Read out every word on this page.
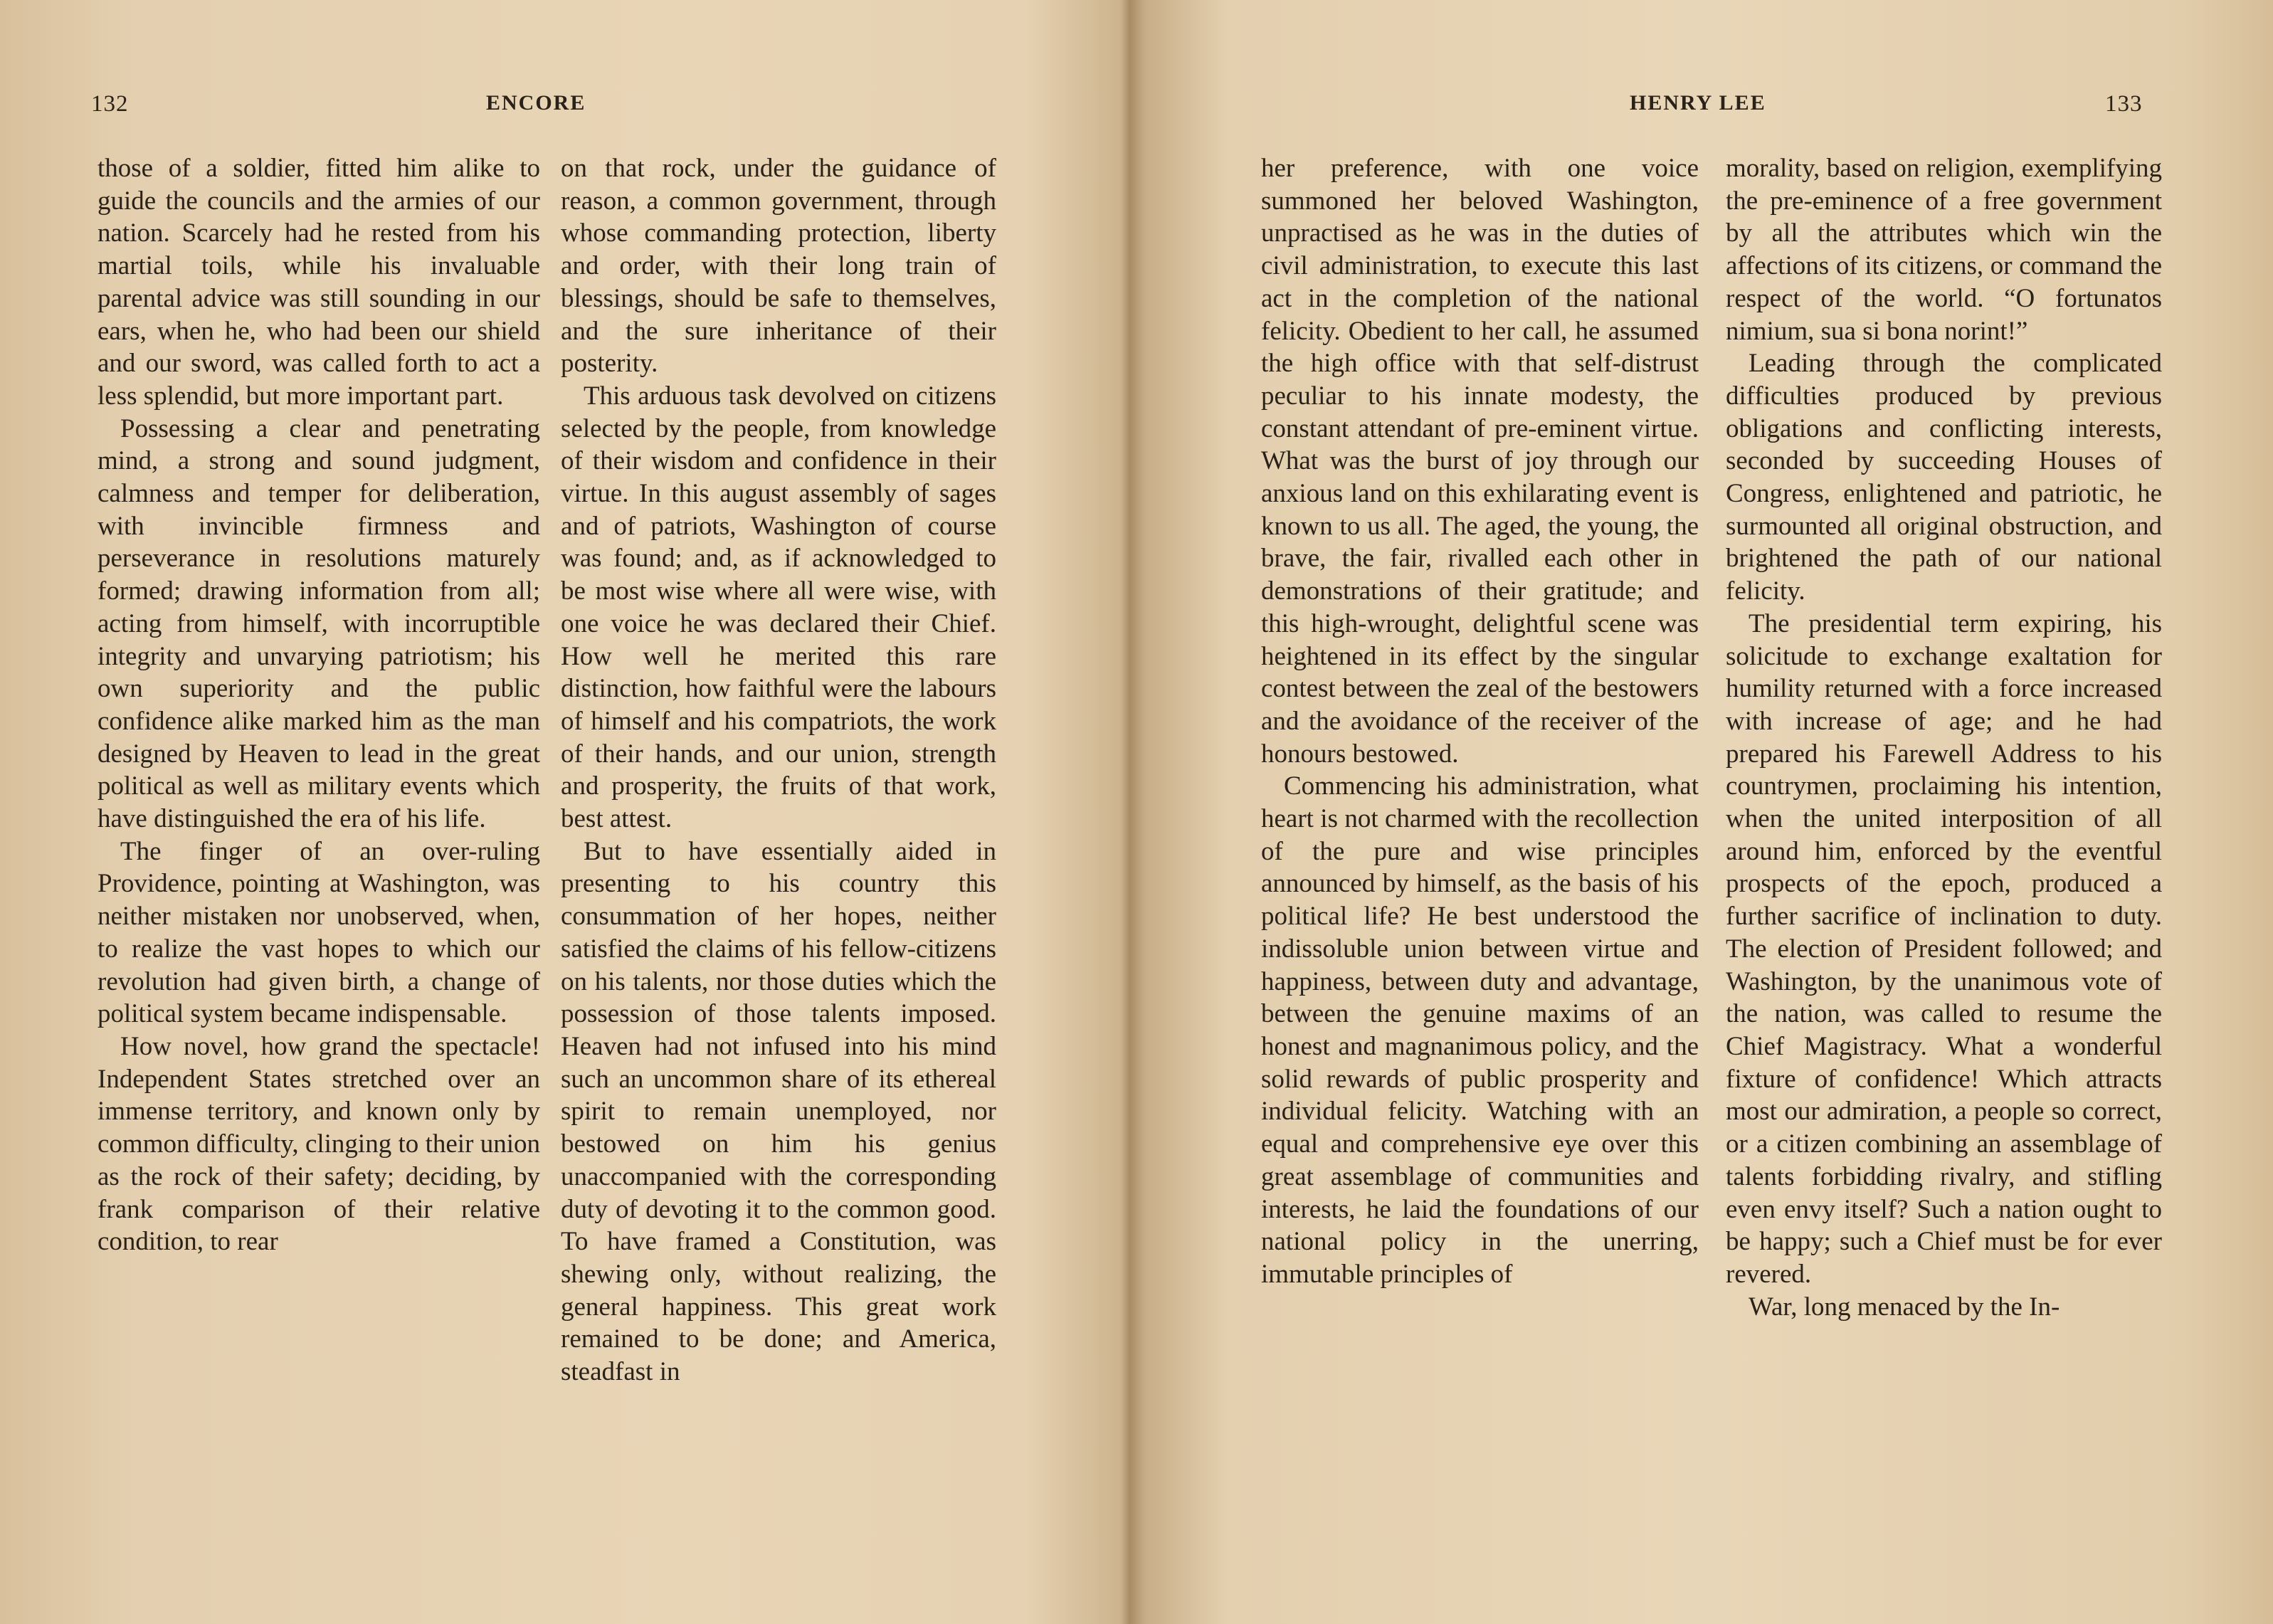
132	ENCORE

those of a soldier, fitted him alike to guide the councils and the armies of our nation. Scarcely had he rested from his martial toils, while his invaluable parental advice was still sounding in our ears, when he, who had been our shield and our sword, was called forth to act a less splendid, but more important part.

Possessing a clear and penetrating mind, a strong and sound judgment, calmness and temper for deliberation, with invincible firmness and perseverance in resolutions maturely formed; drawing information from all; acting from himself, with incorruptible integrity and unvarying patriotism; his own superiority and the public confidence alike marked him as the man designed by Heaven to lead in the great political as well as military events which have distinguished the era of his life.

The finger of an over-ruling Providence, pointing at Washington, was neither mistaken nor unobserved, when, to realize the vast hopes to which our revolution had given birth, a change of political system became indispensable.

How novel, how grand the spectacle! Independent States stretched over an immense territory, and known only by common difficulty, clinging to their union as the rock of their safety; deciding, by frank comparison of their relative condition, to rear

on that rock, under the guidance of reason, a common government, through whose commanding protection, liberty and order, with their long train of blessings, should be safe to themselves, and the sure inheritance of their posterity.

This arduous task devolved on citizens selected by the people, from knowledge of their wisdom and confidence in their virtue. In this august assembly of sages and of patriots, Washington of course was found; and, as if acknowledged to be most wise where all were wise, with one voice he was declared their Chief. How well he merited this rare distinction, how faithful were the labours of himself and his compatriots, the work of their hands, and our union, strength and prosperity, the fruits of that work, best attest.

But to have essentially aided in presenting to his country this consummation of her hopes, neither satisfied the claims of his fellow-citizens on his talents, nor those duties which the possession of those talents imposed. Heaven had not infused into his mind such an uncommon share of its ethereal spirit to remain unemployed, nor bestowed on him his genius unaccompanied with the corresponding duty of devoting it to the common good. To have framed a Constitution, was shewing only, without realizing, the general happiness. This great work remained to be done; and America, steadfast in

HENRY LEE	133

her preference, with one voice summoned her beloved Washington, unpractised as he was in the duties of civil administration, to execute this last act in the completion of the national felicity. Obedient to her call, he assumed the high office with that self-distrust peculiar to his innate modesty, the constant attendant of pre-eminent virtue. What was the burst of joy through our anxious land on this exhilarating event is known to us all. The aged, the young, the brave, the fair, rivalled each other in demonstrations of their gratitude; and this high-wrought, delightful scene was heightened in its effect by the singular contest between the zeal of the bestowers and the avoidance of the receiver of the honours bestowed.

Commencing his administration, what heart is not charmed with the recollection of the pure and wise principles announced by himself, as the basis of his political life? He best understood the indissoluble union between virtue and happiness, between duty and advantage, between the genuine maxims of an honest and magnanimous policy, and the solid rewards of public prosperity and individual felicity. Watching with an equal and comprehensive eye over this great assemblage of communities and interests, he laid the foundations of our national policy in the unerring, immutable principles of

morality, based on religion, exemplifying the pre-eminence of a free government by all the attributes which win the affections of its citizens, or command the respect of the world. “O fortunatos nimium, sua si bona norint!”

Leading through the complicated difficulties produced by previous obligations and conflicting interests, seconded by succeeding Houses of Congress, enlightened and patriotic, he surmounted all original obstruction, and brightened the path of our national felicity.

The presidential term expiring, his solicitude to exchange exaltation for humility returned with a force increased with increase of age; and he had prepared his Farewell Address to his countrymen, proclaiming his intention, when the united interposition of all around him, enforced by the eventful prospects of the epoch, produced a further sacrifice of inclination to duty. The election of President followed; and Washington, by the unanimous vote of the nation, was called to resume the Chief Magistracy. What a wonderful fixture of confidence! Which attracts most our admiration, a people so correct, or a citizen combining an assemblage of talents forbidding rivalry, and stifling even envy itself? Such a nation ought to be happy; such a Chief must be for ever revered.

War, long menaced by the In-
